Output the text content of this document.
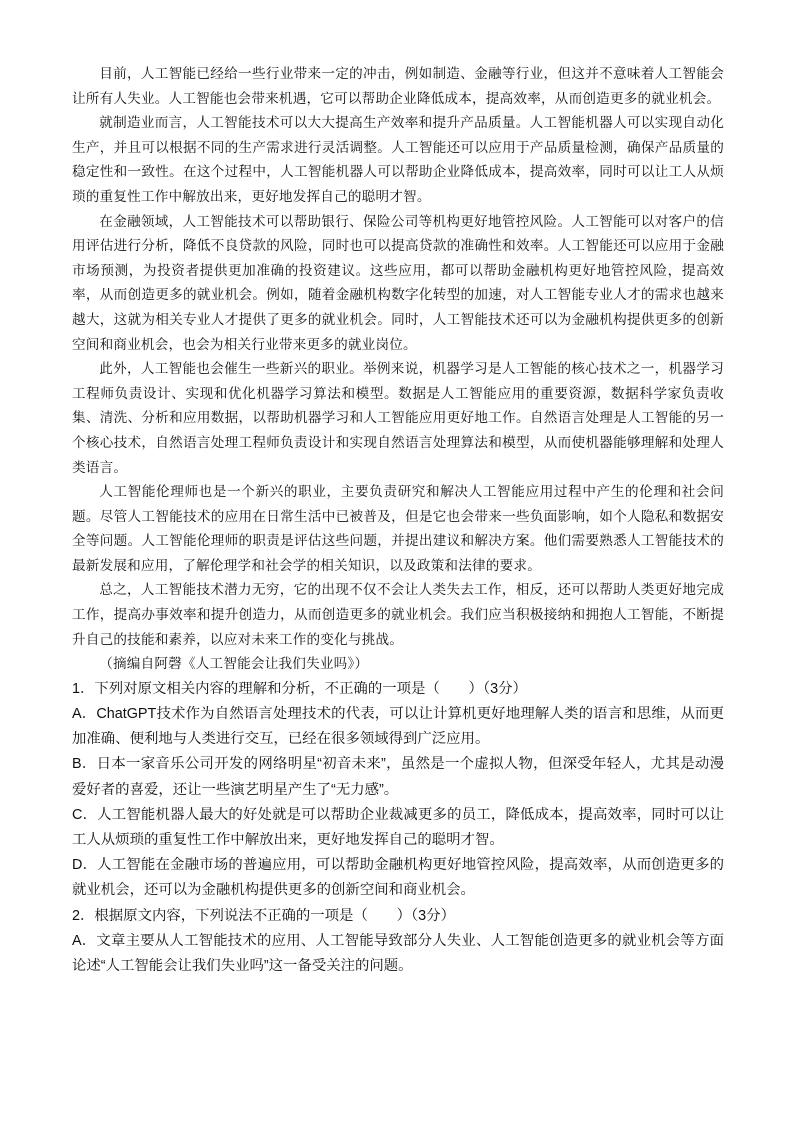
目前，人工智能已经给一些行业带来一定的冲击，例如制造、金融等行业，但这并不意味着人工智能会让所有人失业。人工智能也会带来机遇，它可以帮助企业降低成本，提高效率，从而创造更多的就业机会。

就制造业而言，人工智能技术可以大大提高生产效率和提升产品质量。人工智能机器人可以实现自动化生产，并且可以根据不同的生产需求进行灵活调整。人工智能还可以应用于产品质量检测，确保产品质量的稳定性和一致性。在这个过程中，人工智能机器人可以帮助企业降低成本，提高效率，同时可以让工人从烦琐的重复性工作中解放出来，更好地发挥自己的聪明才智。

在金融领域，人工智能技术可以帮助银行、保险公司等机构更好地管控风险。人工智能可以对客户的信用评估进行分析，降低不良贷款的风险，同时也可以提高贷款的准确性和效率。人工智能还可以应用于金融市场预测，为投资者提供更加准确的投资建议。这些应用，都可以帮助金融机构更好地管控风险，提高效率，从而创造更多的就业机会。例如，随着金融机构数字化转型的加速，对人工智能专业人才的需求也越来越大，这就为相关专业人才提供了更多的就业机会。同时，人工智能技术还可以为金融机构提供更多的创新空间和商业机会，也会为相关行业带来更多的就业岗位。

此外，人工智能也会催生一些新兴的职业。举例来说，机器学习是人工智能的核心技术之一，机器学习工程师负责设计、实现和优化机器学习算法和模型。数据是人工智能应用的重要资源，数据科学家负责收集、清洗、分析和应用数据，以帮助机器学习和人工智能应用更好地工作。自然语言处理是人工智能的另一个核心技术，自然语言处理工程师负责设计和实现自然语言处理算法和模型，从而使机器能够理解和处理人类语言。

人工智能伦理师也是一个新兴的职业，主要负责研究和解决人工智能应用过程中产生的伦理和社会问题。尽管人工智能技术的应用在日常生活中已被普及，但是它也会带来一些负面影响，如个人隐私和数据安全等问题。人工智能伦理师的职责是评估这些问题，并提出建议和解决方案。他们需要熟悉人工智能技术的最新发展和应用，了解伦理学和社会学的相关知识，以及政策和法律的要求。

总之，人工智能技术潜力无穷，它的出现不仅不会让人类失去工作，相反，还可以帮助人类更好地完成工作，提高办事效率和提升创造力，从而创造更多的就业机会。我们应当积极接纳和拥抱人工智能，不断提升自己的技能和素养，以应对未来工作的变化与挑战。

（摘编自阿磬《人工智能会让我们失业吗》）

1．下列对原文相关内容的理解和分析，不正确的一项是（　　）（3分）

A．ChatGPT技术作为自然语言处理技术的代表，可以让计算机更好地理解人类的语言和思维，从而更加准确、便利地与人类进行交互，已经在很多领域得到广泛应用。

B．日本一家音乐公司开发的网络明星“初音未来”，虽然是一个虚拟人物，但深受年轻人，尤其是动漫爱好者的喜爱，还让一些演艺明星产生了“无力感”。

C．人工智能机器人最大的好处就是可以帮助企业裁减更多的员工，降低成本，提高效率，同时可以让工人从烦琐的重复性工作中解放出来，更好地发挥自己的聪明才智。

D．人工智能在金融市场的普遍应用，可以帮助金融机构更好地管控风险，提高效率，从而创造更多的就业机会，还可以为金融机构提供更多的创新空间和商业机会。

2．根据原文内容，下列说法不正确的一项是（　　）（3分）

A．文章主要从人工智能技术的应用、人工智能导致部分人失业、人工智能创造更多的就业机会等方面论述“人工智能会让我们失业吗”这一备受关注的问题。
